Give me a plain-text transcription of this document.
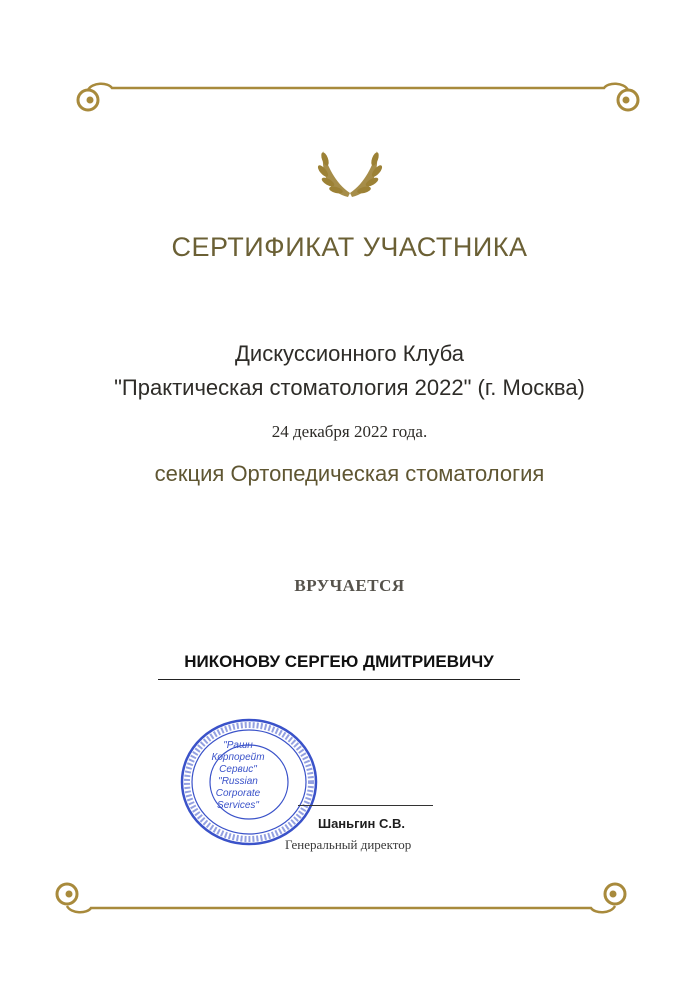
СЕРТИФИКАТ УЧАСТНИКА
Дискуссионного Клуба
"Практическая стоматология 2022" (г. Москва)
24 декабря 2022 года.
секция Ортопедическая стоматология
ВРУЧАЕТСЯ
НИКОНОВУ СЕРГЕЮ ДМИТРИЕВИЧУ
"Рашн
Корпорейт
Сервис"
"Russian
Corporate
Services"
Шаньгин С.В.
Генеральный директор
